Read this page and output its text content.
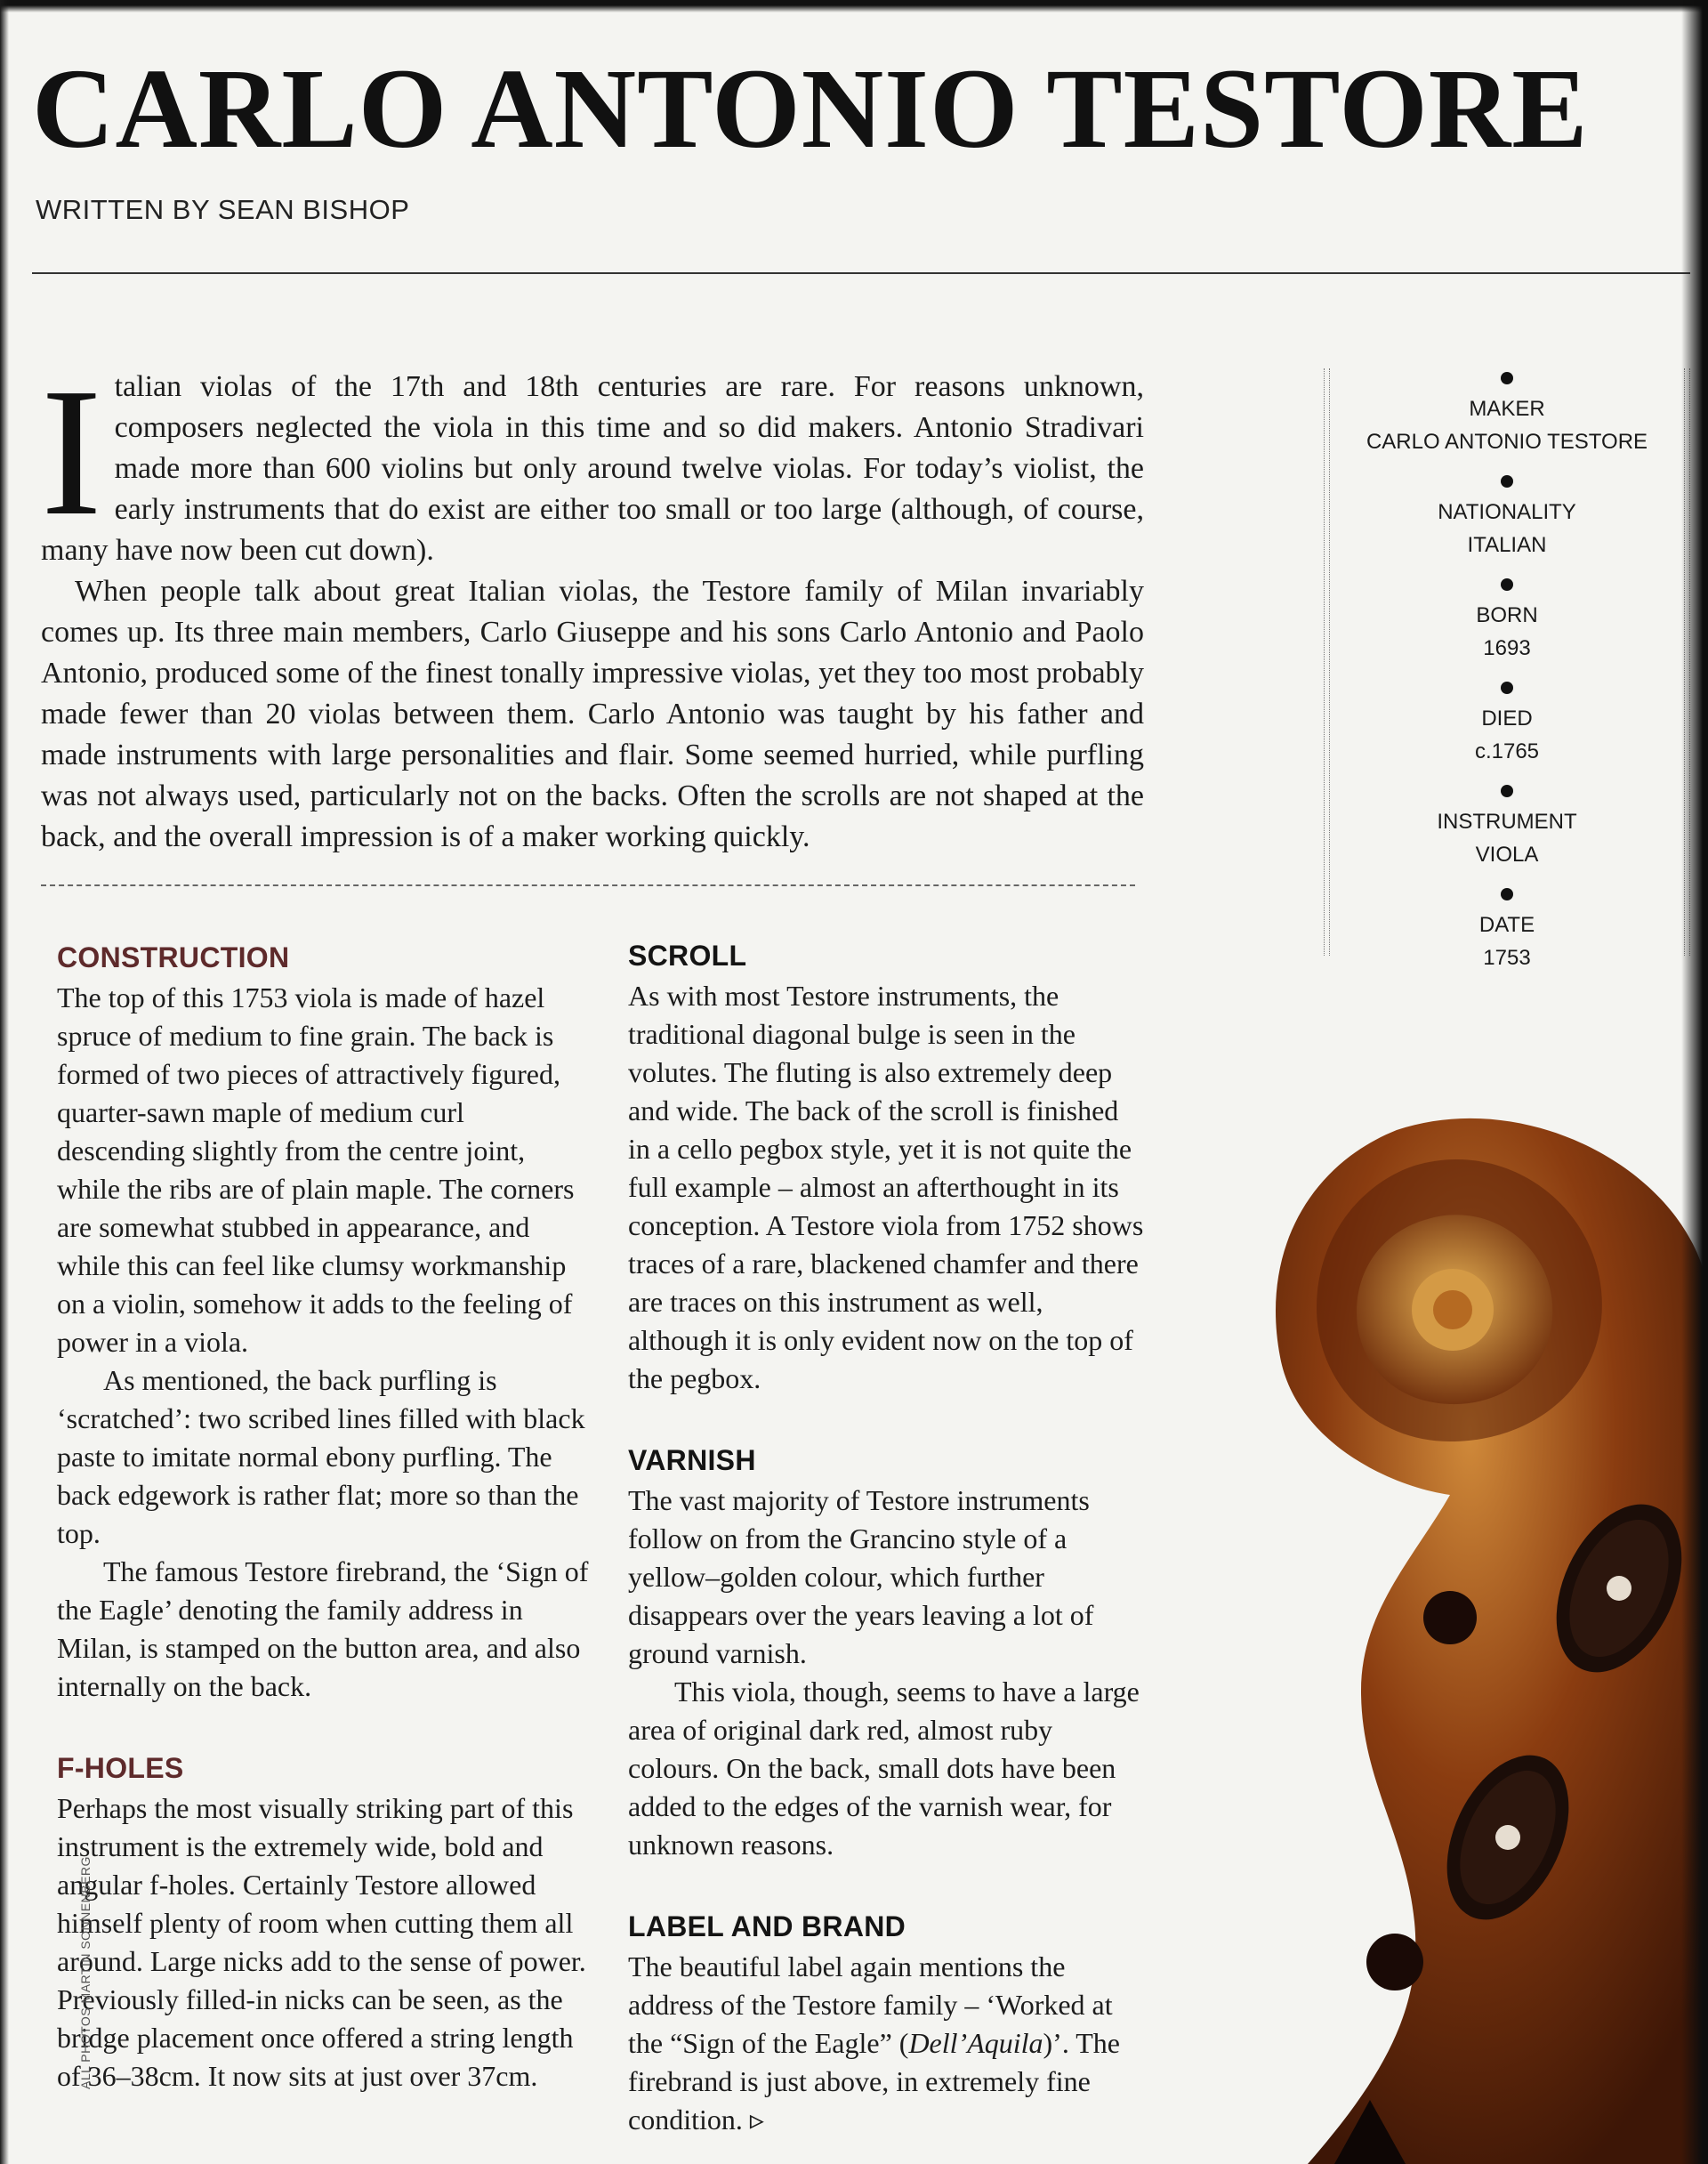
CARLO ANTONIO TESTORE
WRITTEN BY SEAN BISHOP

Italian violas of the 17th and 18th centuries are rare. For reasons unknown, composers neglected the viola in this time and so did makers. Antonio Stradivari made more than 600 violins but only around twelve violas. For today’s violist, the early instruments that do exist are either too small or too large (although, of course, many have now been cut down).

When people talk about great Italian violas, the Testore family of Milan invariably comes up. Its three main members, Carlo Giuseppe and his sons Carlo Antonio and Paolo Antonio, produced some of the finest tonally impressive violas, yet they too most probably made fewer than 20 violas between them. Carlo Antonio was taught by his father and made instruments with large personalities and flair. Some seemed hurried, while purfling was not always used, particularly not on the backs. Often the scrolls are not shaped at the back, and the overall impression is of a maker working quickly.

MAKER
CARLO ANTONIO TESTORE
NATIONALITY
ITALIAN
BORN
1693
DIED
c.1765
INSTRUMENT
VIOLA
DATE
1753
CONSTRUCTION

The top of this 1753 viola is made of hazel spruce of medium to fine grain. The back is formed of two pieces of attractively figured, quarter-sawn maple of medium curl descending slightly from the centre joint, while the ribs are of plain maple. The corners are somewhat stubbed in appearance, and while this can feel like clumsy workmanship on a violin, somehow it adds to the feeling of power in a viola.

As mentioned, the back purfling is ‘scratched’: two scribed lines filled with black paste to imitate normal ebony purfling. The back edgework is rather flat; more so than the top.

The famous Testore firebrand, the ‘Sign of the Eagle’ denoting the family address in Milan, is stamped on the button area, and also internally on the back.

F-HOLES

Perhaps the most visually striking part of this instrument is the extremely wide, bold and angular f-holes. Certainly Testore allowed himself plenty of room when cutting them all around. Large nicks add to the sense of power. Previously filled-in nicks can be seen, as the bridge placement once offered a string length of 36–38cm. It now sits at just over 37cm.

SCROLL

As with most Testore instruments, the traditional diagonal bulge is seen in the volutes. The fluting is also extremely deep and wide. The back of the scroll is finished in a cello pegbox style, yet it is not quite the full example – almost an afterthought in its conception. A Testore viola from 1752 shows traces of a rare, blackened chamfer and there are traces on this instrument as well, although it is only evident now on the top of the pegbox.

VARNISH

The vast majority of Testore instruments follow on from the Grancino style of a yellow–golden colour, which further disappears over the years leaving a lot of ground varnish.

This viola, though, seems to have a large area of original dark red, almost ruby colours. On the back, small dots have been added to the edges of the varnish wear, for unknown reasons.

LABEL AND BRAND

The beautiful label again mentions the address of the Testore family – ‘Worked at the “Sign of the Eagle” (Dell’Aquila)’. The firebrand is just above, in extremely fine condition. ▹

ALL PHOTOS MARTIN SONNENBERG
